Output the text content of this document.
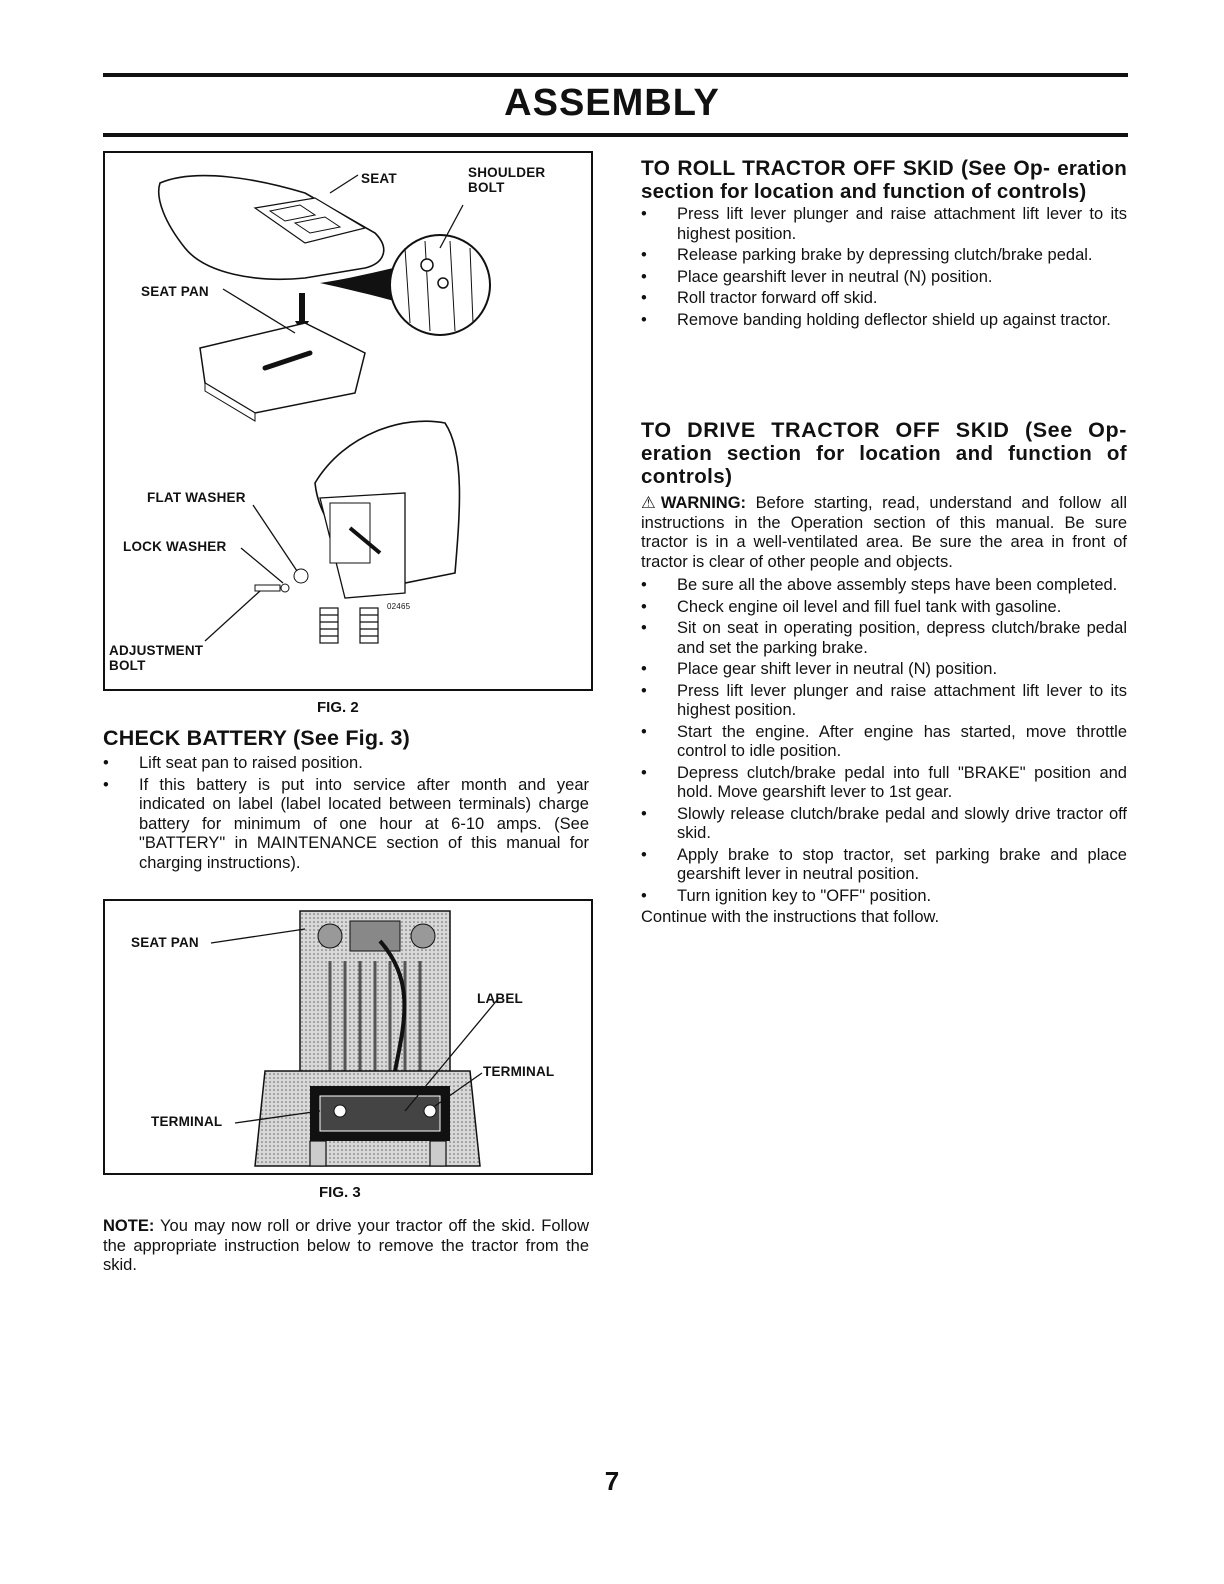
ASSEMBLY
SEAT	SHOULDER
BOLT
SEAT PAN
FLAT WASHER
LOCK WASHER
ADJUSTMENT
BOLT
02465
FIG. 2
CHECK BATTERY (See Fig. 3)
• Lift seat pan to raised position.
• If this battery is put into service after month and year indicated on label (label located between terminals) charge battery for minimum of one hour at 6-10 amps. (See "BATTERY" in MAINTENANCE section of this manual for charging instructions).
SEAT PAN
LABEL
TERMINAL
TERMINAL
FIG. 3
NOTE: You may now roll or drive your tractor off the skid. Follow the appropriate instruction below to remove the tractor from the skid.
TO ROLL TRACTOR OFF SKID (See Op- eration section for location and function of controls)
• Press lift lever plunger and raise attachment lift lever to its highest position.
• Release parking brake by depressing clutch/brake pedal.
• Place gearshift lever in neutral (N) position.
• Roll tractor forward off skid.
• Remove banding holding deflector shield up against tractor.
TO DRIVE TRACTOR OFF SKID (See Op- eration section for location and function of controls)
⚠WARNING: Before starting, read, understand and follow all instructions in the Operation section of this manual. Be sure tractor is in a well-ventilated area. Be sure the area in front of tractor is clear of other people and objects.
• Be sure all the above assembly steps have been completed.
• Check engine oil level and fill fuel tank with gasoline.
• Sit on seat in operating position, depress clutch/brake pedal and set the parking brake.
• Place gear shift lever in neutral (N) position.
• Press lift lever plunger and raise attachment lift lever to its highest position.
• Start the engine. After engine has started, move throttle control to idle position.
• Depress clutch/brake pedal into full "BRAKE" position and hold. Move gearshift lever to 1st gear.
• Slowly release clutch/brake pedal and slowly drive tractor off skid.
• Apply brake to stop tractor, set parking brake and place gearshift lever in neutral position.
• Turn ignition key to "OFF" position.
Continue with the instructions that follow.
7
